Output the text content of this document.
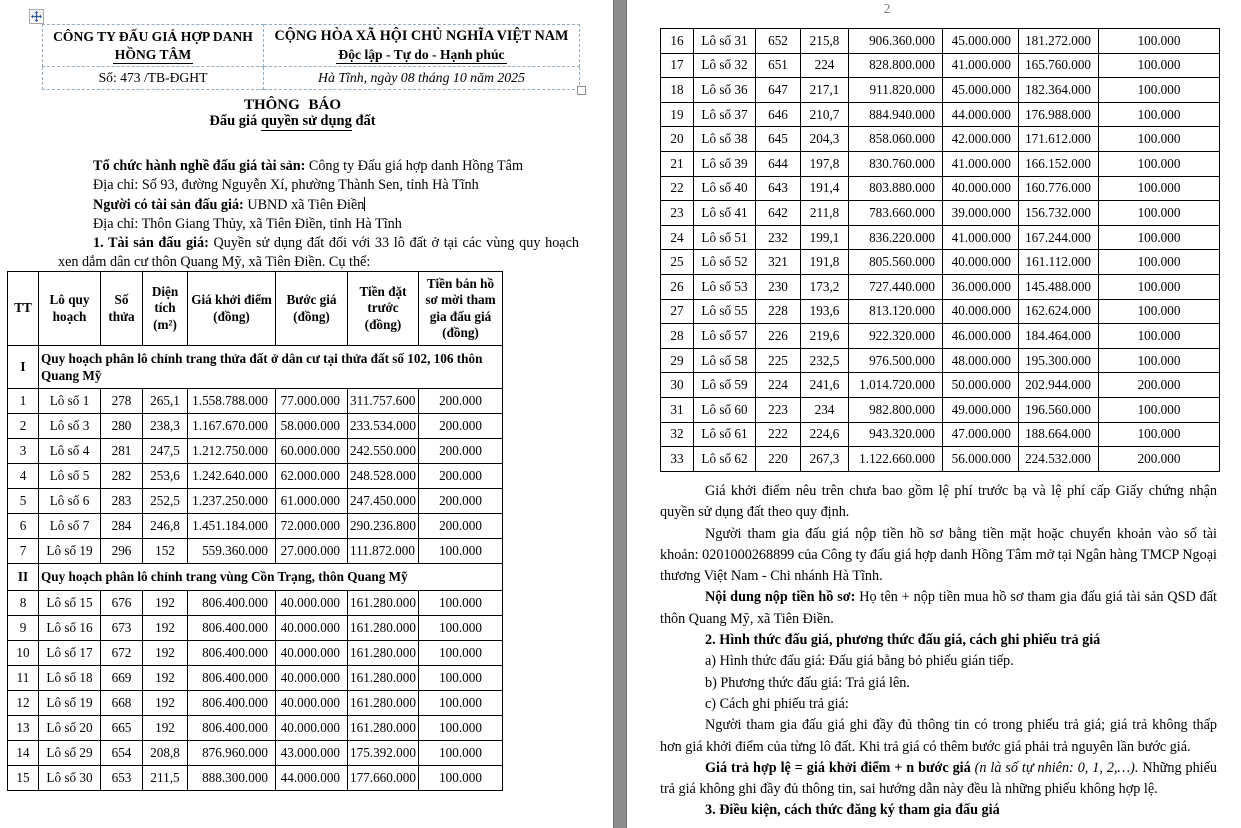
CÔNG TY ĐẤU GIÁ HỢP DANH
HỒNG TÂM

CỘNG HÒA XÃ HỘI CHỦ NGHĨA VIỆT NAM
Độc lập - Tự do - Hạnh phúc

Số: 473 /TB-ĐGHT	Hà Tĩnh, ngày 08 tháng 10 năm 2025
THÔNG BÁO
Đấu giá quyền sử dụng đất

Tổ chức hành nghề đấu giá tài sản: Công ty Đấu giá hợp danh Hồng Tâm

Địa chỉ: Số 93, đường Nguyễn Xí, phường Thành Sen, tỉnh Hà Tĩnh

Người có tài sản đấu giá: UBND xã Tiên Điền

Địa chỉ: Thôn Giang Thủy, xã Tiên Điền, tỉnh Hà Tĩnh

1. Tài sản đấu giá: Quyền sử dụng đất đối với 33 lô đất ở tại các vùng quy hoạch xen dắm dân cư thôn Quang Mỹ, xã Tiên Điền. Cụ thể:

TT	Lô quy hoạch	Số thửa	Diện tích (m²)	Giá khởi điểm (đồng)	Bước giá (đồng)	Tiền đặt trước (đồng)	Tiền bán hồ sơ mời tham gia đấu giá (đồng)
I	Quy hoạch phân lô chỉnh trang thửa đất ở dân cư tại thửa đất số 102, 106 thôn Quang Mỹ						
1	Lô số 1	278	265,1	1.558.788.000	77.000.000	311.757.600	200.000
2	Lô số 3	280	238,3	1.167.670.000	58.000.000	233.534.000	200.000
3	Lô số 4	281	247,5	1.212.750.000	60.000.000	242.550.000	200.000
4	Lô số 5	282	253,6	1.242.640.000	62.000.000	248.528.000	200.000
5	Lô số 6	283	252,5	1.237.250.000	61.000.000	247.450.000	200.000
6	Lô số 7	284	246,8	1.451.184.000	72.000.000	290.236.800	200.000
7	Lô số 19	296	152	559.360.000	27.000.000	111.872.000	100.000
II	Quy hoạch phân lô chỉnh trang vùng Cồn Trạng, thôn Quang Mỹ						
8	Lô số 15	676	192	806.400.000	40.000.000	161.280.000	100.000
9	Lô số 16	673	192	806.400.000	40.000.000	161.280.000	100.000
10	Lô số 17	672	192	806.400.000	40.000.000	161.280.000	100.000
11	Lô số 18	669	192	806.400.000	40.000.000	161.280.000	100.000
12	Lô số 19	668	192	806.400.000	40.000.000	161.280.000	100.000
13	Lô số 20	665	192	806.400.000	40.000.000	161.280.000	100.000
14	Lô số 29	654	208,8	876.960.000	43.000.000	175.392.000	100.000
15	Lô số 30	653	211,5	888.300.000	44.000.000	177.660.000	100.000
2
16	Lô số 31	652	215,8	906.360.000	45.000.000	181.272.000	100.000
17	Lô số 32	651	224	828.800.000	41.000.000	165.760.000	100.000
18	Lô số 36	647	217,1	911.820.000	45.000.000	182.364.000	100.000
19	Lô số 37	646	210,7	884.940.000	44.000.000	176.988.000	100.000
20	Lô số 38	645	204,3	858.060.000	42.000.000	171.612.000	100.000
21	Lô số 39	644	197,8	830.760.000	41.000.000	166.152.000	100.000
22	Lô số 40	643	191,4	803.880.000	40.000.000	160.776.000	100.000
23	Lô số 41	642	211,8	783.660.000	39.000.000	156.732.000	100.000
24	Lô số 51	232	199,1	836.220.000	41.000.000	167.244.000	100.000
25	Lô số 52	321	191,8	805.560.000	40.000.000	161.112.000	100.000
26	Lô số 53	230	173,2	727.440.000	36.000.000	145.488.000	100.000
27	Lô số 55	228	193,6	813.120.000	40.000.000	162.624.000	100.000
28	Lô số 57	226	219,6	922.320.000	46.000.000	184.464.000	100.000
29	Lô số 58	225	232,5	976.500.000	48.000.000	195.300.000	100.000
30	Lô số 59	224	241,6	1.014.720.000	50.000.000	202.944.000	200.000
31	Lô số 60	223	234	982.800.000	49.000.000	196.560.000	100.000
32	Lô số 61	222	224,6	943.320.000	47.000.000	188.664.000	100.000
33	Lô số 62	220	267,3	1.122.660.000	56.000.000	224.532.000	200.000

Giá khởi điểm nêu trên chưa bao gồm lệ phí trước bạ và lệ phí cấp Giấy chứng nhận quyền sử dụng đất theo quy định.

Người tham gia đấu giá nộp tiền hồ sơ bằng tiền mặt hoặc chuyển khoản vào số tài khoản: 0201000268899 của Công ty đấu giá hợp danh Hồng Tâm mở tại Ngân hàng TMCP Ngoại thương Việt Nam - Chi nhánh Hà Tĩnh.

Nội dung nộp tiền hồ sơ: Họ tên + nộp tiền mua hồ sơ tham gia đấu giá tài sản QSD đất thôn Quang Mỹ, xã Tiên Điền.

2. Hình thức đấu giá, phương thức đấu giá, cách ghi phiếu trả giá

a) Hình thức đấu giá: Đấu giá bằng bỏ phiếu gián tiếp.

b) Phương thức đấu giá: Trả giá lên.

c) Cách ghi phiếu trả giá:

Người tham gia đấu giá ghi đầy đủ thông tin có trong phiếu trả giá; giá trả không thấp hơn giá khởi điểm của từng lô đất. Khi trả giá có thêm bước giá phải trả nguyên lần bước giá.

Giá trả hợp lệ = giá khởi điểm + n bước giá (n là số tự nhiên: 0, 1, 2,…). Những phiếu trả giá không ghi đầy đủ thông tin, sai hướng dẫn này đều là những phiếu không hợp lệ.

3. Điều kiện, cách thức đăng ký tham gia đấu giá
